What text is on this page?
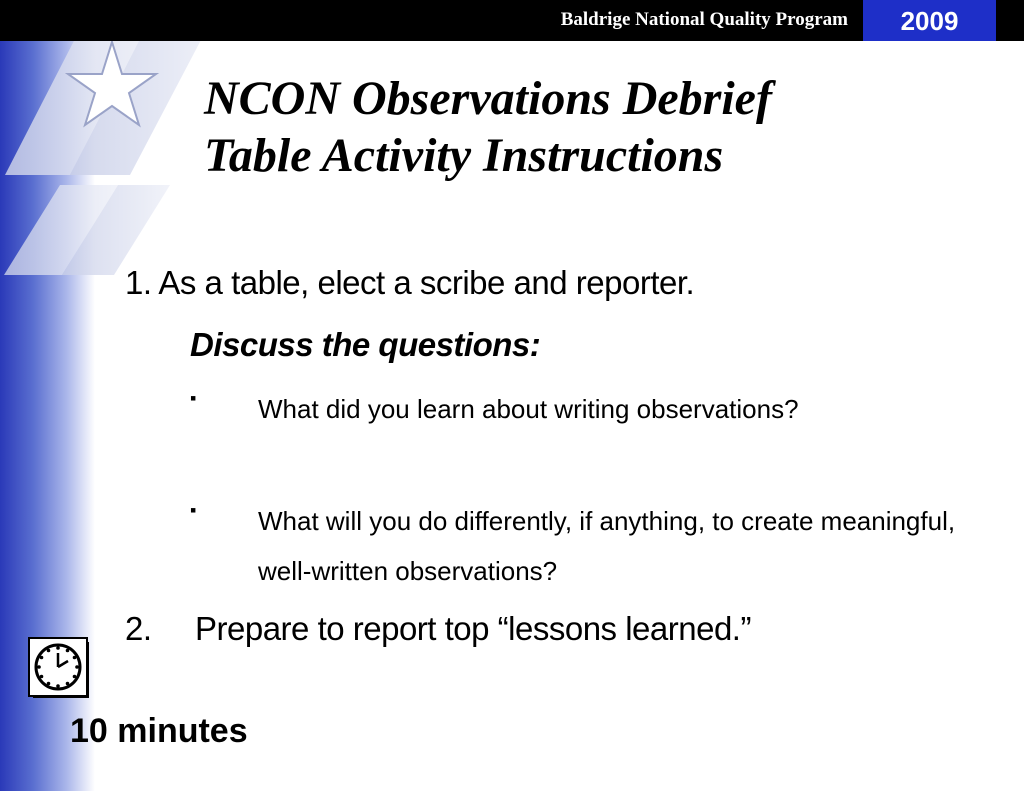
Baldrige National Quality Program	2009
NCON Observations Debrief
Table Activity Instructions
1. As a table, elect a scribe and reporter.
Discuss the questions:
▪ What did you learn about writing observations?
▪ What will you do differently, if anything, to create meaningful, well-written observations?
2. Prepare to report top “lessons learned.”
10 minutes
